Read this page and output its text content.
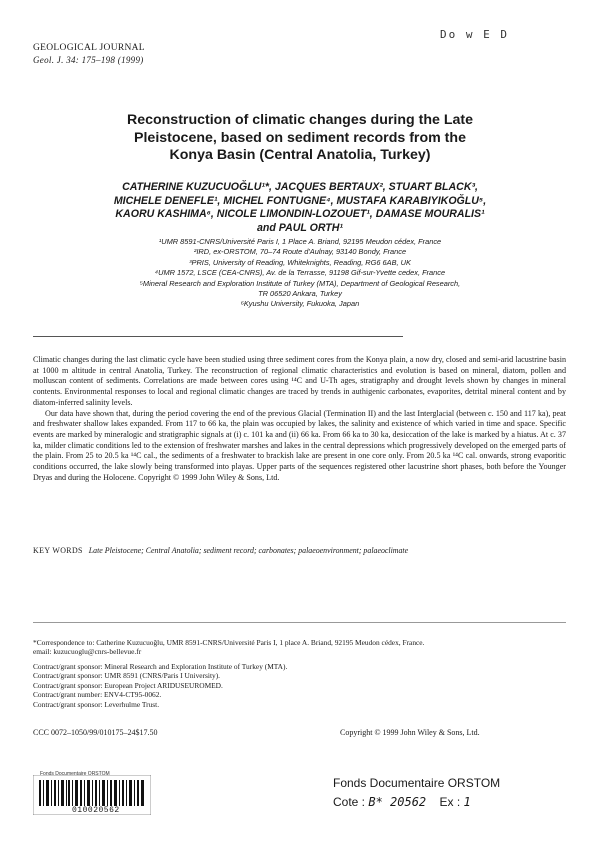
Do w E D
GEOLOGICAL JOURNAL
Geol. J. 34: 175–198 (1999)
Reconstruction of climatic changes during the Late
Pleistocene, based on sediment records from the
Konya Basin (Central Anatolia, Turkey)
CATHERINE KUZUCUOĞLU¹*, JACQUES BERTAUX², STUART BLACK³,
MICHELE DENEFLE¹, MICHEL FONTUGNE⁴, MUSTAFA KARABIYIKOĞLU⁵,
KAORU KASHIMA⁶, NICOLE LIMONDIN-LOZOUET¹, DAMASE MOURALIS¹
and PAUL ORTH¹
¹UMR 8591-CNRS/Université Paris I, 1 Place A. Briand, 92195 Meudon cédex, France
²IRD, ex-ORSTOM, 70–74 Route d'Aulnay, 93140 Bondy, France
³PRIS, University of Reading, Whiteknights, Reading, RG6 6AB, UK
⁴UMR 1572, LSCE (CEA-CNRS), Av. de la Terrasse, 91198 Gif-sur-Yvette cedex, France
⁵Mineral Research and Exploration Institute of Turkey (MTA), Department of Geological Research,
TR 06520 Ankara, Turkey
⁶Kyushu University, Fukuoka, Japan

Climatic changes during the last climatic cycle have been studied using three sediment cores from the Konya plain, a now dry, closed and semi-arid lacustrine basin at 1000 m altitude in central Anatolia, Turkey. The reconstruction of regional climatic characteristics and evolution is based on mineral, diatom, pollen and molluscan content of sediments. Correlations are made between cores using ¹⁴C and U-Th ages, stratigraphy and drought levels shown by changes in mineral contents. Environmental responses to local and regional climatic changes are traced by trends in authigenic carbonates, evaporites, detrital mineral content and by diatom-inferred salinity levels.

Our data have shown that, during the period covering the end of the previous Glacial (Termination II) and the last Interglacial (between c. 150 and 117 ka), peat and freshwater shallow lakes expanded. From 117 to 66 ka, the plain was occupied by lakes, the salinity and existence of which varied in time and space. Specific events are marked by mineralogic and stratigraphic signals at (i) c. 101 ka and (ii) 66 ka. From 66 ka to 30 ka, desiccation of the lake is marked by a hiatus. At c. 37 ka, milder climatic conditions led to the extension of freshwater marshes and lakes in the central depressions which progressively developed on the emerged parts of the plain. From 25 to 20.5 ka ¹⁴C cal., the sediments of a freshwater to brackish lake are present in one core only. From 20.5 ka ¹⁴C cal. onwards, strong evaporitic conditions occurred, the lake slowly being transformed into playas. Upper parts of the sequences registered other lacustrine short phases, both before the Younger Dryas and during the Holocene. Copyright © 1999 John Wiley & Sons, Ltd.

KEY WORDS Late Pleistocene; Central Anatolia; sediment record; carbonates; palaeoenvironment; palaeoclimate
*Correspondence to: Catherine Kuzucuoğlu, UMR 8591-CNRS/Université Paris I, 1 place A. Briand, 92195 Meudon cédex, France.
email: kuzucuoglu@cnrs-bellevue.fr
Contract/grant sponsor: Mineral Research and Exploration Institute of Turkey (MTA).
Contract/grant sponsor: UMR 8591 (CNRS/Paris I University).
Contract/grant sponsor: European Project ARIDUSEUROMED.
Contract/grant number: ENV4-CT95-0062.
Contract/grant sponsor: Leverhulme Trust.
CCC 0072–1050/99/010175–24$17.50	Copyright © 1999 John Wiley & Sons, Ltd.
Fonds Documentaire ORSTOM
010020562
Fonds Documentaire ORSTOM
Cote : B* 20562 Ex : 1
